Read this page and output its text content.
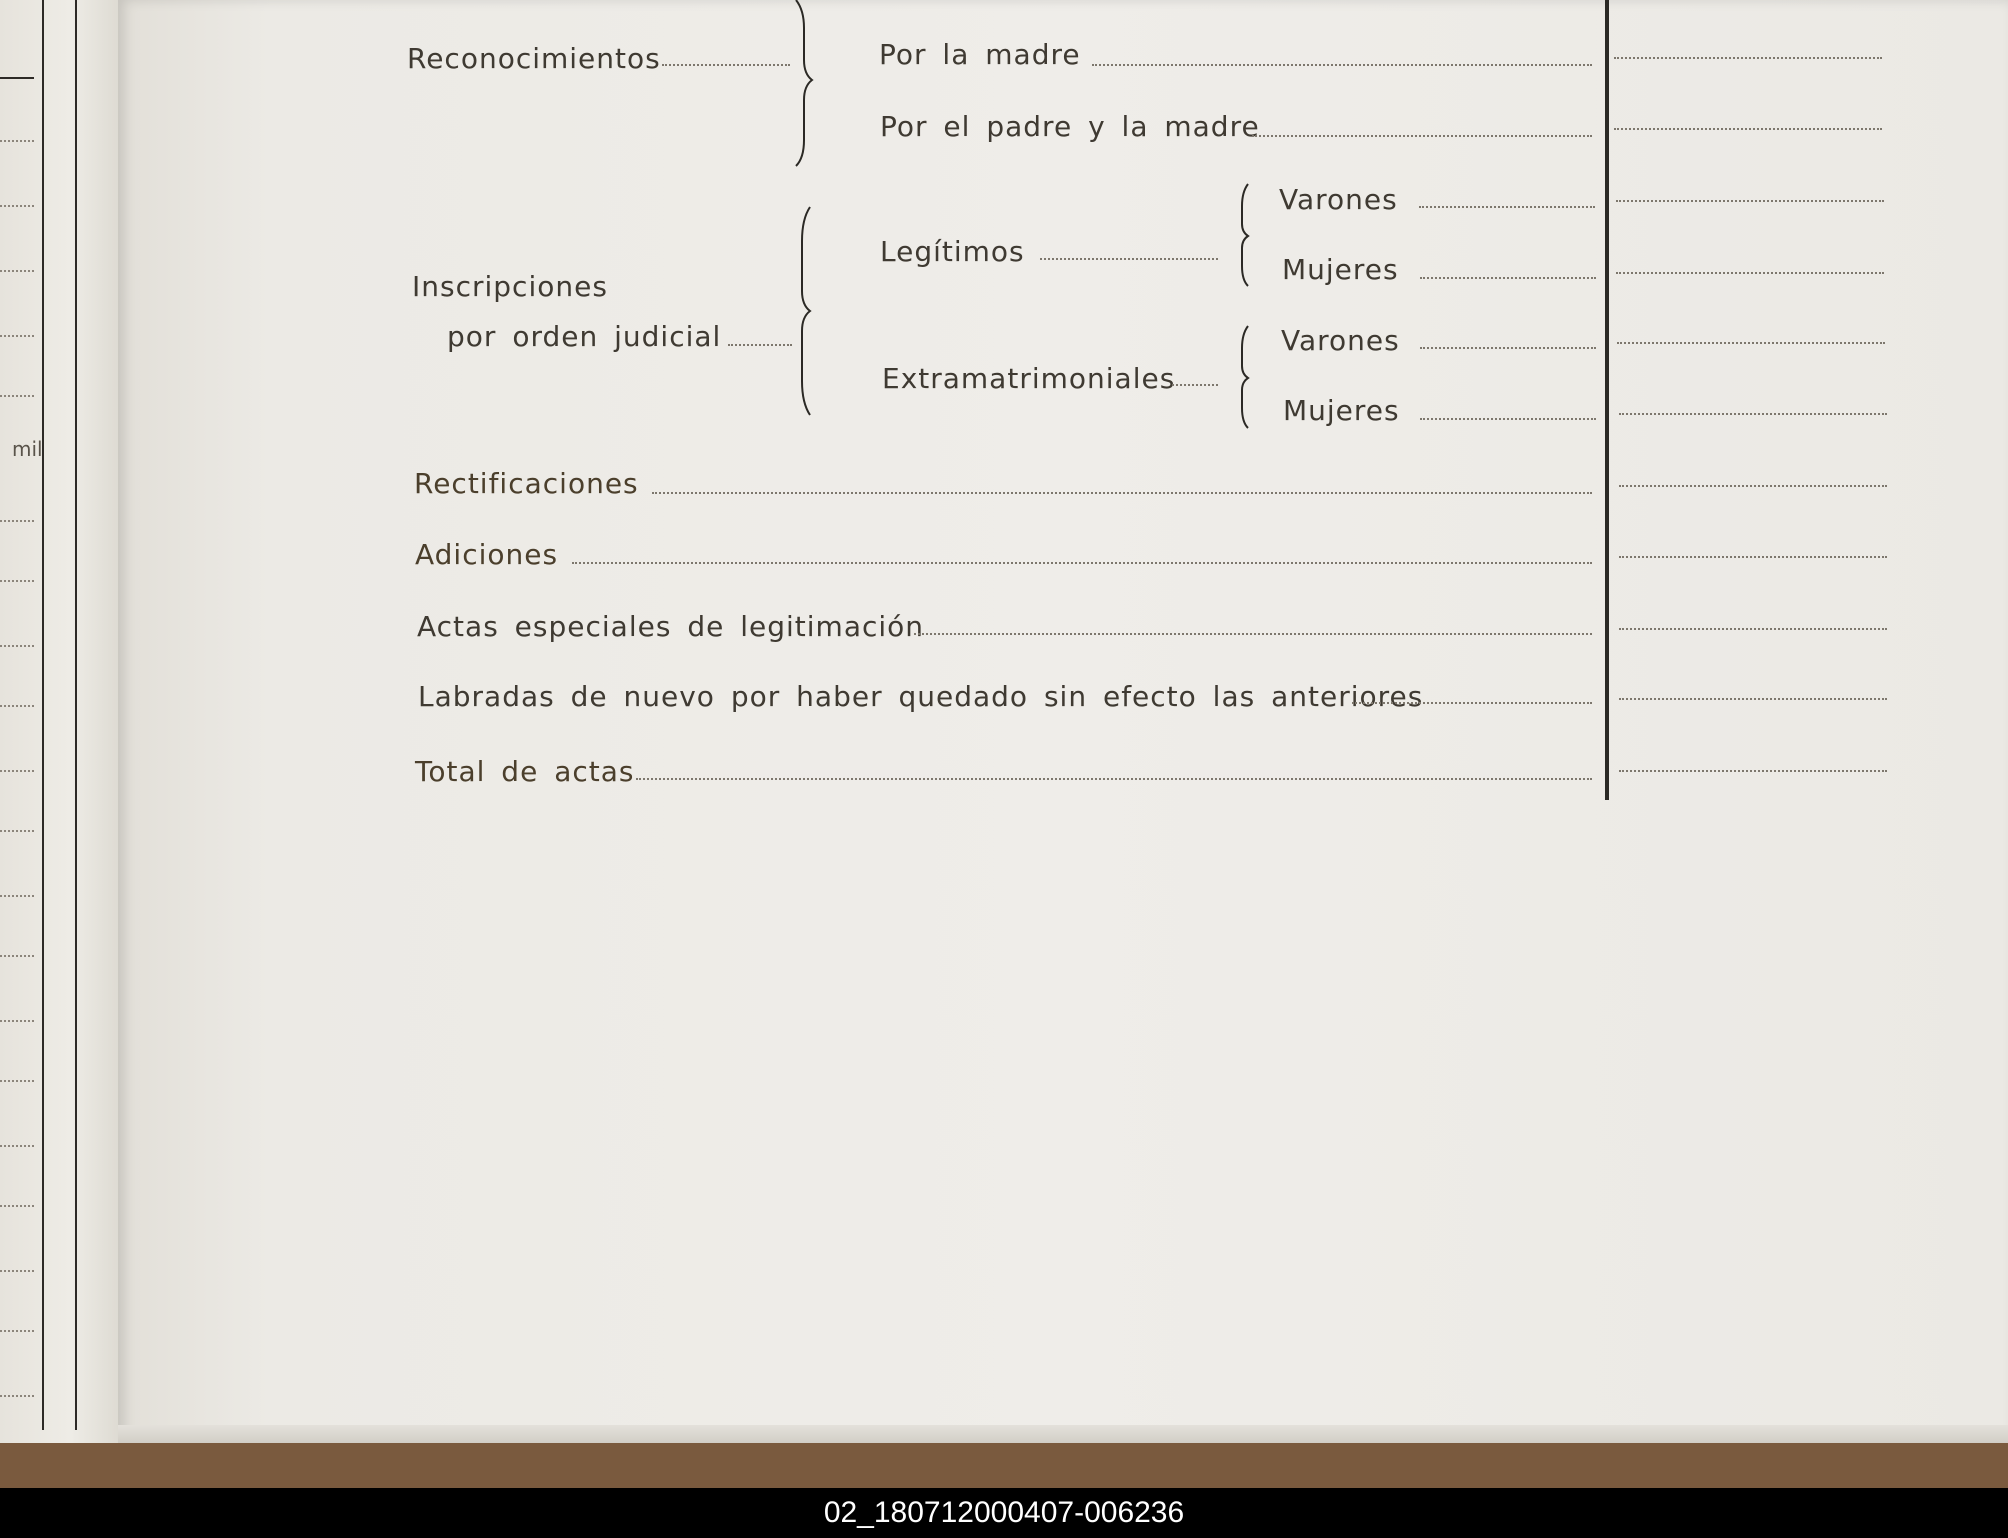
mil
Reconocimientos	Por la madre
Por el padre y la madre
Inscripciones
por orden judicial
Legítimos
Varones
Mujeres
Extramatrimoniales
Varones
Mujeres
Rectificaciones
Adiciones
Actas especiales de legitimación
Labradas de nuevo por haber quedado sin efecto las anteriores
Total de actas
02_180712000407-006236
